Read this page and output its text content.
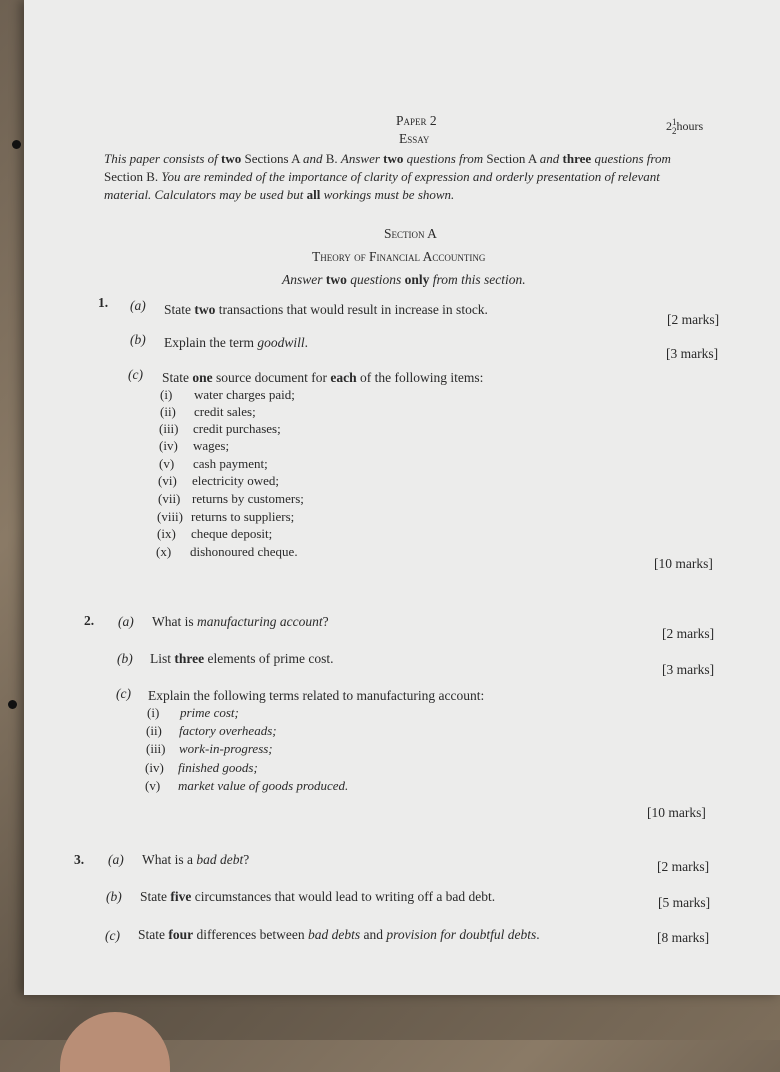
Paper 2
Essay
21
2hours
This paper consists of two Sections A and B. Answer two questions from Section A and three questions from
Section B. You are reminded of the importance of clarity of expression and orderly presentation of relevant
material. Calculators may be used but all workings must be shown.
Section A
Theory of Financial Accounting
Answer two questions only from this section.
1. (a) State two transactions that would result in increase in stock.
[2 marks]
(b) Explain the term goodwill.
[3 marks]
(c) State one source document for each of the following items:
(i) water charges paid;
(ii) credit sales;
(iii) credit purchases;
(iv) wages;
(v) cash payment;
(vi) electricity owed;
(vii) returns by customers;
(viii) returns to suppliers;
(ix) cheque deposit;
(x) dishonoured cheque.
[10 marks]
2. (a) What is manufacturing account?
[2 marks]
(b) List three elements of prime cost.
[3 marks]
(c) Explain the following terms related to manufacturing account:
(i) prime cost;
(ii) factory overheads;
(iii) work-in-progress;
(iv) finished goods;
(v) market value of goods produced.
[10 marks]
3. (a) What is a bad debt?	[2 marks]
(b) State five circumstances that would lead to writing off a bad debt.	[5 marks]
(c) State four differences between bad debts and provision for doubtful debts.	[8 marks]
